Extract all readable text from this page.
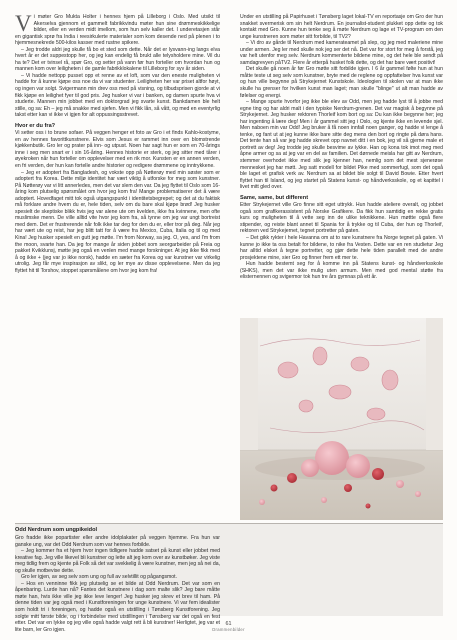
Vi møter Gro Mukta Holter i hennes hjem på Lilleborg i Oslo. Med utsikt til Akerselva gjennom et gammelt fabrikkvindu møter hun sine drømmeskikkelige bilder, eller en verden midt imellom, som hun selv kaller det. I underetasjen står en gigantisk sprø fra India i reesirkulerte materialer som kom desende ned på plenen i to hjemmesnekrede 500-kilos kasser med rustne spikere.

– Jeg trodde aldri jeg skulle få bo et sted som dette. Når det er lysvann-ing langs elva hvert år er det suppestopp her, og jeg kan endelig få brukt alle telysholdere mine. Vil du ha te? Det er tvinsel rå, spør Gro, og setter på vann før hun forteller om hvordan hun og mannen kom over leiligheten i de gamle fabrikklokalene til Lilleborg for syv år siden.

– Vi hadde nettopp pusset opp et renne av et loft, som var den eneste muligheten vi hadde for å kunne kjøpe oss noe da vi var studenter. Leiligheten her var priset altfor høyt, og ingen var solgt. Svigermann min drev oss med på visning, og tilbudsprisen gjorde at vi fikk kjøpe en leilighet fyer til god pris. Jeg husker vi var i banken, og damen spurte hva vi studerte. Mannen min jobbet med en doktorgrad jeg svarte kunst. Bankdamen ble helt stille, og sa: Eh – jeg må snakke med sjefen. Men vi fikk lån, så vått, og med en eventyrlig takst etter kan vi ikke vi igjen for alt oppussingsstrevet.

Hvor er du fra?

Vi setter oss i to brune sofaer. På veggen henger et foto av Gro i et finds Kahlo-kostyme, en av hennes favorittkunstnere. Elvis som Jesus er rammet inn over en blomstrende kjøkkenbutik. Gro ler og prater på inn- og utpust. Noen har sagt hun er som en 70-årings inne i seg men snart er i sin 16-åring. Hennes historie er sterk, og jeg sitter med tårer i øyekroken når hun forteller om opplevelser med en rik mor. Kunsten er en annen verden, en fri verden, der hun kan fortelle andre historier og redigere drømmene og inntrykkene.

– Jeg er adoptert fra Bangladesh, og vokste opp på Nøtterøy med min søster som er adoptert fra Korea. Dette miljø identitet har vært viktig å utforske for meg som kunstner. På Nøtterøy var vi litt annerledes, men det var slem den var. Da jeg flyttet til Oslo som 16-åring kom plutselig spørsmålet om hvor jeg kom fra! Mange problematiserer det å være adoptert. Hovedfaget mitt tok også utgangspunkt i identitetsbegrepet; og det at du faktisk må forklare andre hvem du er, hele tiden, selv om du bare skal kjøpe brød! Jeg husker spesielt de skeptiske blikk hvis jeg var alene ute om kvelden, ikke fra kvinnene, men ofte muslimske menn. De ville alltid vite hvor jeg kom fra, så tynne om jeg var ungt bortreist med dem. Det er frustrerende når folk ikke tar deg for den du er, eller tror på deg. Når jeg har vært ute og reist, har jeg blitt tatt for å være fra Mexico, Cuba, Italia og til og med Kina! Jeg husker spesielt en gutt jeg møtte. I'm from Norway, sa jeg. O, yes, and I'm from the moon, svarte han. Da jeg for mange år siden jobbet som seorgarbeider på Freia og pakket Kvikklunsj, møtte jeg også en venlen med mange forskninger. At jeg ikke fikk med å og ikke + (jeg var jo ikke norsk), hadde en sæter fra Korea og var kunstner var virkelig utrolig. Jeg får mye inspirasjon av slikt, og ler mye av disse opplevelsene. Men da jeg flyttet hit til Torshov, stoppet spørsmålene om hvor jeg kom fra!

Under en utstilling på Papirhuset i Tønsberg laget lokal-TV en reportasje om Gro der hun snakket svermerisk om sin helt Nerdrum. En journalist-student plukket opp dette og tok kontakt med Gro. Kunne hun tenke seg å møte Nerdrum og lage et TV-program om den unge kunstneren som møter sitt forbilde, til TV2?

– Vi dro av gårde til Nerdrum med kamerateamet på slep, og jeg med maleriene mine under armen. Jeg ler med skulle nok jeg ser det nå. Det var for stort for meg å forstå, jeg var helt utenfor meg selv. Nerdrum kommenterte bildene mine, og det hele ble sendt på samdagrevyen påTV2. Flere år etterpå husket folk dette, og det har bare vært positivt!

Det skulle gå noen år før Gro møtte sitt forbilde igjen. I 6 år gammel følte hun at hun måtte teste ut seg selv som kunstner, bryte med de reglene og oppfattelser hva kunst var og hun ville begynne på Strykejernet Kunstskole. Ideologien til skolen var at man ikke skulle ha grenser for hvilken kunst man laget; man skulle "blinge" ut alt man hadde av følelser og energi.

– Mange spurte hvorfor jeg ikke ble elev av Odd, men jeg hadde lyst til å jobbe med egne ting og har aldri malt i den typiske Nerdrum-grenen. Det var magisk å begynne på Strykejernet. Jeg husker rektoren Thorleif kom bort og sa: Du kan ikke begynne her; jeg har ingenting å lære deg! Men i år gammel sitt jeg i Oslo, og kjente ikke en levende sjel. Men naboen min var Odd! Jeg bruker å få noen innfall noen ganger, og hadde vi lenge å tenke, og fant ut at jeg kunne ikke bare sitte deg mens den bort og ringte på døra hans. Det tente han så var jeg hadde skrevet opp navnet ditt i en bok, jeg vil så gjerne male et portrett av deg! Jeg trodde jeg skulle besvime av lykke. Han og kona tok imot meg med åpne armer og sa at jeg var en del av familien. Det dørnede meisla har gitt av Nerdrum, stemmer overhodet ikke med slik jeg kjenner han, nemlig som det mest sjenerøse mennesket jeg har møtt. Jeg satt modell for bildet Pike med sommerfugl, som det også ble laget et grafisk verk av. Nerdrum sa at bildet ble solgt til David Bowie. Etter hvert flyttet han til Island, og jeg startet på Statens kunst- og håndverksskole, og et kapittel i livet mitt gled over.

Same, same, but different

Etter Strykejernet ville Gro finne sitt eget uttrykk. Hun hadde ateliere overalt, og jobbet også som grafikerassistent på Norske Grafikere. Da fikk hun samtidig en rekke gratis kurs og muligheten til å vette seg inn de ulike teknikkene. Hun møttte også flere stipender, og reiste blant annet til Spania for å trykke og til Cuba, der hun og Thorleif, rektoren ved Strykejernet, tegnet portretter på gaten.

– Det gikk rykter i hele Havanna om at to rare kunstnere fra Norge tegnet på gaten. Vi kunne jo ikke ta oss betalt for bildene, to nike fra Vesten. Dette var en ren studietur Jeg har alltid elsket å tegne portretter, og gjør dette hele tiden parallelt med de andre prosjektene mine, sier Gro og finner frem ett mer te.

Hun hadde bestemt seg for å komme inn på Statens kunst- og håndverksskole (SHKS), men det var ikke mulig uten armum. Men med god mental støtte fra elisternennen og svigermor tok hun tre års gymnas på ett år.

Odd Nerdrum som ungpikeidol

Gro fradde ikke popartister eller andre idolplakater på veggen hjemme. Fra hun var ganske ung, var det Odd Nerdrum som var hennes forbilde.

– Jeg kommer fra et hjem hvor ingen tidligere hadde satset på kunst eller jobbet med kreative fag. Jeg ville likevel bli kunstner og lette alt jeg kom over av kunstbøker. Jeg viste meg tidlig frem og kjente på Folk så det var svekkelig å være kunstner, men jeg så nei da, og skulle motbevise dette.

Gro ler igjen, av seg selv som ung og full av selvtillit og pågangsmot.

– Hos en venninne fikk jeg plutselig se et bilde at Odd Nerdrum. Det var som en åpenbaring. Lurde han nå? Fantes det kunstnere i dag som malte slik? Jeg bare måtte møte han, hvis ikke ville jeg ikke leve lenger! Jeg husker jeg skrev et brev til ham. På denne tiden var jeg også med i Kunstforeningen for unge kunstnere. Vi var fem idealister som holdt tri i foreningen, og hadde også en utstilling i Tønsberg Kunstforening. Jeg solgte mitt første bilde, og i forbindelse med utstillingen i Tønsberg var det også en fest etter. Det var en lykke og jeg ville også hadde valgt rett å bli kunstner! Herligtet, jeg var et lite barn, ler Gro igjen.

61
Drammenbilder
